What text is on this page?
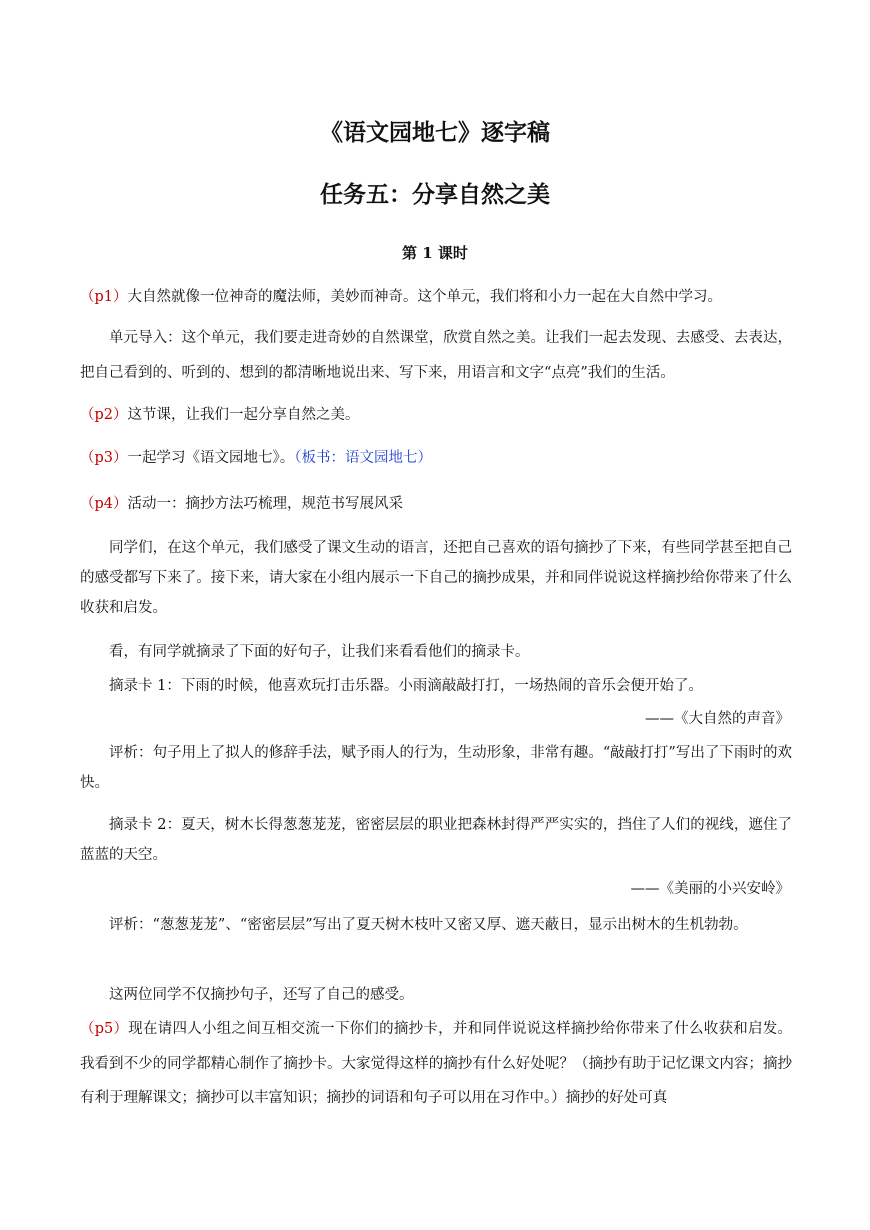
《语文园地七》逐字稿
任务五：分享自然之美
第 1 课时

（p1）大自然就像一位神奇的魔法师，美妙而神奇。这个单元，我们将和小力一起在大自然中学习。

单元导入：这个单元，我们要走进奇妙的自然课堂，欣赏自然之美。让我们一起去发现、去感受、去表达，把自己看到的、听到的、想到的都清晰地说出来、写下来，用语言和文字“点亮”我们的生活。

（p2）这节课，让我们一起分享自然之美。

（p3）一起学习《语文园地七》。（板书：语文园地七）

（p4）活动一：摘抄方法巧梳理，规范书写展风采

同学们，在这个单元，我们感受了课文生动的语言，还把自己喜欢的语句摘抄了下来，有些同学甚至把自己的感受都写下来了。接下来，请大家在小组内展示一下自己的摘抄成果，并和同伴说说这样摘抄给你带来了什么收获和启发。

看，有同学就摘录了下面的好句子，让我们来看看他们的摘录卡。

摘录卡 1：下雨的时候，他喜欢玩打击乐器。小雨滴敲敲打打，一场热闹的音乐会便开始了。

——《大自然的声音》

评析：句子用上了拟人的修辞手法，赋予雨人的行为，生动形象，非常有趣。“敲敲打打”写出了下雨时的欢快。

摘录卡 2：夏天，树木长得葱葱茏茏，密密层层的职业把森林封得严严实实的，挡住了人们的视线，遮住了蓝蓝的天空。

——《美丽的小兴安岭》

评析：“葱葱茏茏”、“密密层层”写出了夏天树木枝叶又密又厚、遮天蔽日，显示出树木的生机勃勃。

这两位同学不仅摘抄句子，还写了自己的感受。

（p5）现在请四人小组之间互相交流一下你们的摘抄卡，并和同伴说说这样摘抄给你带来了什么收获和启发。我看到不少的同学都精心制作了摘抄卡。大家觉得这样的摘抄有什么好处呢？（摘抄有助于记忆课文内容；摘抄有利于理解课文；摘抄可以丰富知识；摘抄的词语和句子可以用在习作中。）摘抄的好处可真
